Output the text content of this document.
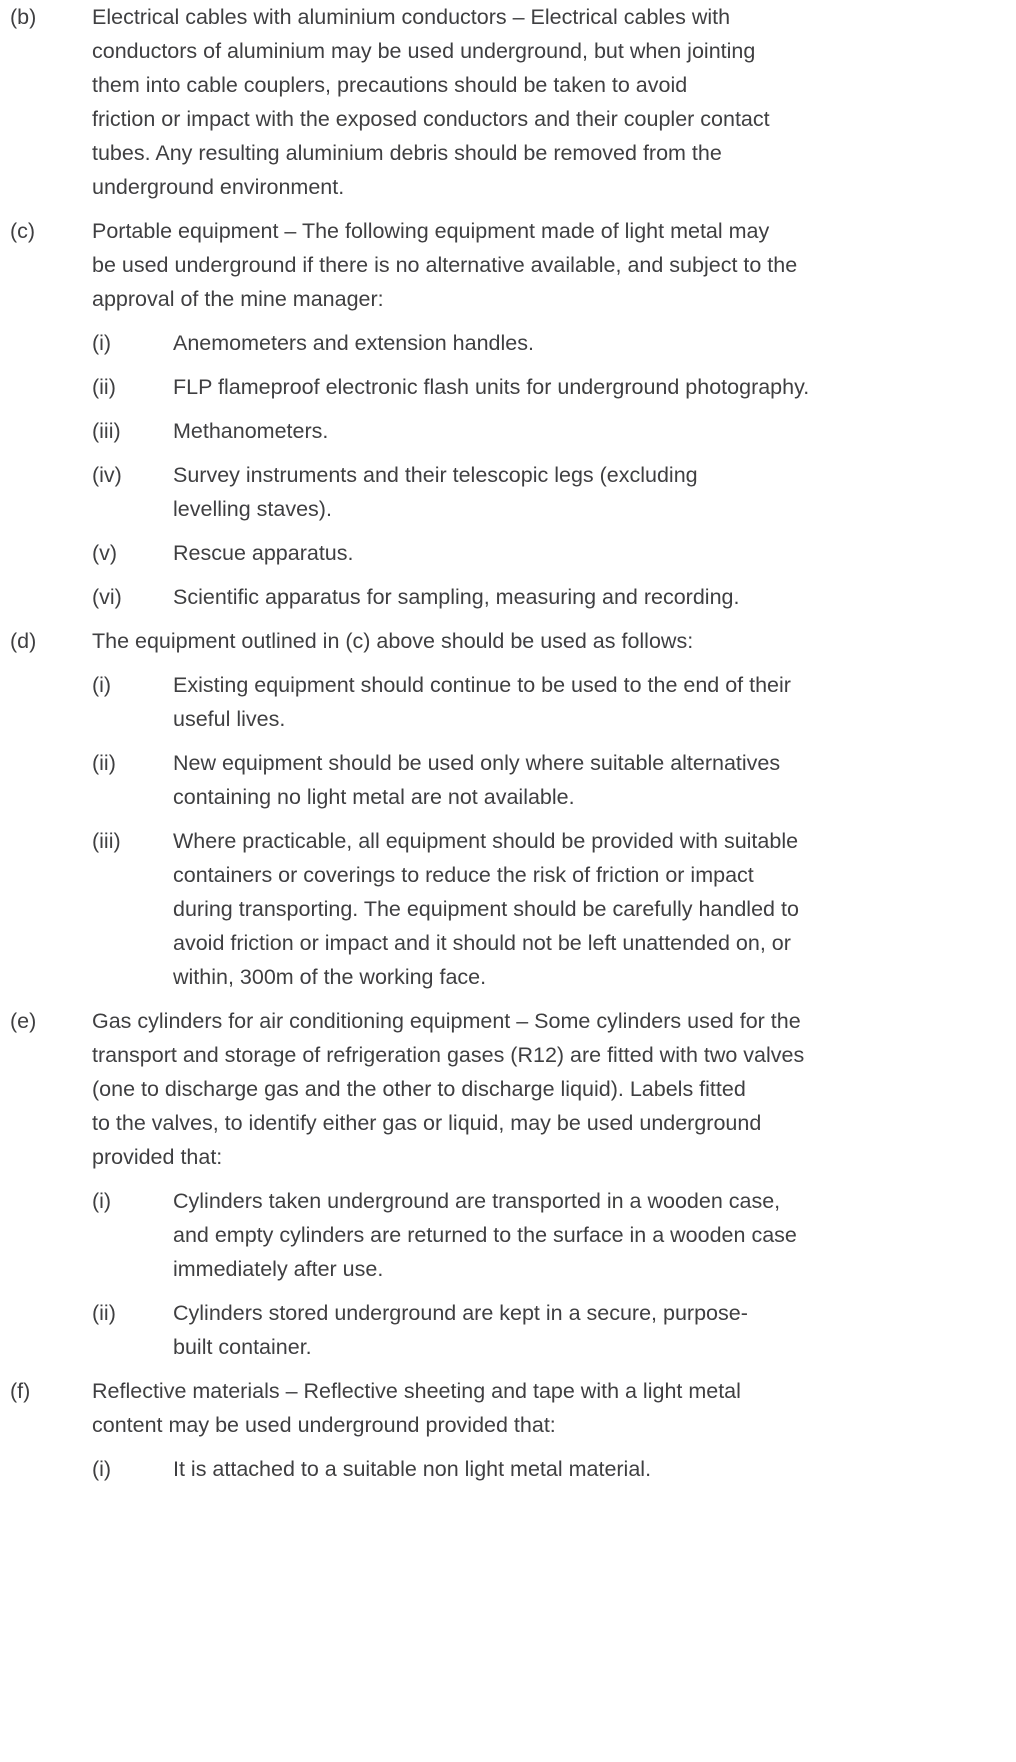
(b)	Electrical cables with aluminium conductors – Electrical cables with
conductors of aluminium may be used underground, but when jointing
them into cable couplers, precautions should be taken to avoid
friction or impact with the exposed conductors and their coupler contact
tubes. Any resulting aluminium debris should be removed from the
underground environment.
(c)	Portable equipment – The following equipment made of light metal may
be used underground if there is no alternative available, and subject to the
approval of the mine manager:
(i)	Anemometers and extension handles.
(ii)	FLP flameproof electronic flash units for underground photography.
(iii)	Methanometers.
(iv)	Survey instruments and their telescopic legs (excluding
levelling staves).
(v)	Rescue apparatus.
(vi)	Scientific apparatus for sampling, measuring and recording.
(d)	The equipment outlined in (c) above should be used as follows:
(i)	Existing equipment should continue to be used to the end of their
useful lives.
(ii)	New equipment should be used only where suitable alternatives
containing no light metal are not available.
(iii)	Where practicable, all equipment should be provided with suitable
containers or coverings to reduce the risk of friction or impact
during transporting. The equipment should be carefully handled to
avoid friction or impact and it should not be left unattended on, or
within, 300m of the working face.
(e)	Gas cylinders for air conditioning equipment – Some cylinders used for the
transport and storage of refrigeration gases (R12) are fitted with two valves
(one to discharge gas and the other to discharge liquid). Labels fitted
to the valves, to identify either gas or liquid, may be used underground
provided that:
(i)	Cylinders taken underground are transported in a wooden case,
and empty cylinders are returned to the surface in a wooden case
immediately after use.
(ii)	Cylinders stored underground are kept in a secure, purpose-
built container.
(f)	Reflective materials – Reflective sheeting and tape with a light metal
content may be used underground provided that:
(i)	It is attached to a suitable non light metal material.
